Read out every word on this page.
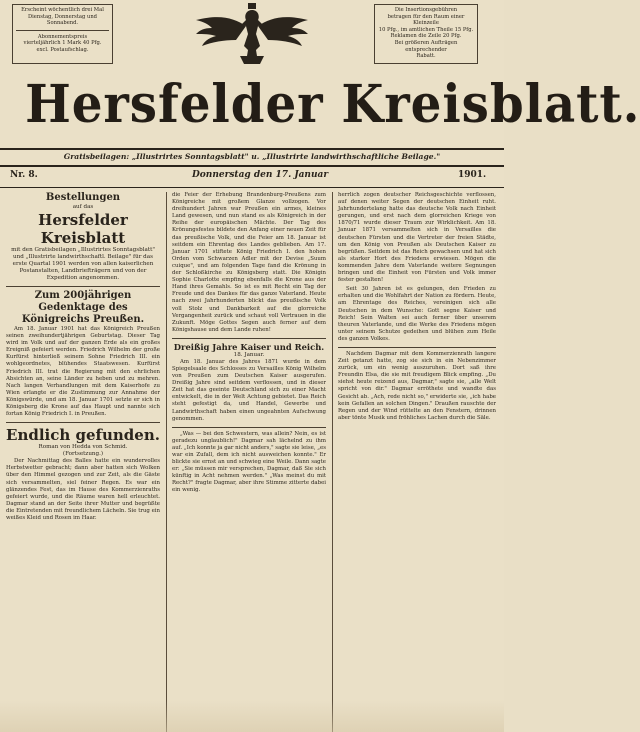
Erscheint wöchentlich drei Mal
Dienstag, Donnerstag und Sonnabend.
Abonnementspreis
vierteljährlich 1 Mark 40 Pfg.
excl. Postaufschlag.
Die Insertionsgebühren
betragen für den Raum einer Kleinzeile
10 Pfg., im amtlichen Theile 15 Pfg.
Reklamen die Zeile 20 Pfg.
Bei größeren Aufträgen entsprechender
Rabatt.
Hersfelder Kreisblatt.
Gratisbeilagen: „Illustrirtes Sonntagsblatt" u. „Illustrirte landwirthschaftliche Beilage."
Nr. 8.	Donnerstag den 17. Januar	1901.
Bestellungen
auf das
Hersfelder Kreisblatt

mit den Gratisbeilagen „Illustrirtes Sonntagsblatt" und „Illustrirte landwirthschaftl. Beilage" für das erste Quartal 1901 werden von allen kaiserlichen Postanstalten, Landbriefträgern und von der Expedition angenommen.

Zum 200jährigen Gedenktage des Königreichs Preußen.

Am 18. Januar 1901 hat das Königreich Preußen seinen zweihundertjährigen Geburtstag. Dieser Tag wird im Volk und auf der ganzen Erde als ein großes Ereigniß gefeiert werden. Friedrich Wilhelm der große Kurfürst hinterließ seinem Sohne Friedrich III. ein wohlgeordnetes, blühendes Staatswesen. Kurfürst Friedrich III. trat die Regierung mit den ehrlichen Absichten an, seine Länder zu heben und zu mehren. Nach langen Verhandlungen mit dem Kaiserhofe zu Wien erlangte er die Zustimmung zur Annahme der Königswürde, und am 18. Januar 1701 setzte er sich in Königsberg die Krone auf das Haupt und nannte sich fortan König Friedrich I. in Preußen.

Endlich gefunden.
Roman von Hedda von Schmid.
(Fortsetzung.)

Der Nachmittag des Balles hatte ein wundervolles Herbstwetter gebracht; dann aber hatten sich Wolken über den Himmel gezogen und zur Zeit, als die Gäste sich versammelten, siel feiner Regen. Es war ein glänzendes Fest, das im Hause des Kommerzienraths gefeiert wurde, und die Räume waren hell erleuchtet. Dagmar stand an der Seite ihrer Mutter und begrüßte die Eintretenden mit freundlichem Lächeln. Sie trug ein weißes Kleid und Rosen im Haar.

die Feier der Erhebung Brandenburg-Preußens zum Königreiche mit großem Glanze vollzogen. Vor dreihundert Jahren war Preußen ein armes, kleines Land gewesen, und nun stand es als Königreich in der Reihe der europäischen Mächte. Der Tag des Krönungsfestes bildete den Anfang einer neuen Zeit für das preußische Volk, und die Feier am 18. Januar ist seitdem ein Ehrentag des Landes geblieben. Am 17. Januar 1701 stiftete König Friedrich I. den hohen Orden vom Schwarzen Adler mit der Devise „Suum cuique", und am folgenden Tage fand die Krönung in der Schloßkirche zu Königsberg statt. Die Königin Sophie Charlotte empfing ebenfalls die Krone aus der Hand ihres Gemahls. So ist es mit Recht ein Tag der Freude und des Dankes für das ganze Vaterland. Heute nach zwei Jahrhunderten blickt das preußische Volk voll Stolz und Dankbarkeit auf die glorreiche Vergangenheit zurück und schaut voll Vertrauen in die Zukunft. Möge Gottes Segen auch ferner auf dem Königshause und dem Lande ruhen!

Dreißig Jahre Kaiser und Reich.
18. Januar.

Am 18. Januar des Jahres 1871 wurde in dem Spiegelsaale des Schlosses zu Versailles König Wilhelm von Preußen zum Deutschen Kaiser ausgerufen. Dreißig Jahre sind seitdem verflossen, und in dieser Zeit hat das geeinte Deutschland sich zu einer Macht entwickelt, die in der Welt Achtung gebietet. Das Reich steht gefestigt da, und Handel, Gewerbe und Landwirthschaft haben einen ungeahnten Aufschwung genommen.

„Was — bei den Schwestern, was allein? Nein, es ist geradezu unglaublich!" Dagmar sah lächelnd zu ihm auf. „Ich konnte ja gar nicht anders," sagte sie leise, „es war ein Zufall, dem ich nicht ausweichen konnte." Er blickte sie ernst an und schwieg eine Weile. Dann sagte er: „Sie müssen mir versprechen, Dagmar, daß Sie sich künftig in Acht nehmen werden." „Was meinst du mit Recht?" fragte Dagmar, aber ihre Stimme zitterte dabei ein wenig.

herrlich zogen deutscher Reichsgeschichte verflossen, auf denen weiter Segen der deutschen Einheit ruht. Jahrhundertelang hatte das deutsche Volk nach Einheit gerungen, und erst nach dem glorreichen Kriege von 1870/71 wurde dieser Traum zur Wirklichkeit. Am 18. Januar 1871 versammelten sich in Versailles die deutschen Fürsten und die Vertreter der freien Städte, um den König von Preußen als Deutschen Kaiser zu begrüßen. Seitdem ist das Reich gewachsen und hat sich als starker Hort des Friedens erwiesen. Mögen die kommenden Jahre dem Vaterlande weitere Segnungen bringen und die Einheit von Fürsten und Volk immer fester gestalten!

Seit 30 Jahren ist es gelungen, den Frieden zu erhalten und die Wohlfahrt der Nation zu fördern. Heute, am Ehrentage des Reiches, vereinigen sich alle Deutschen in dem Wunsche: Gott segne Kaiser und Reich! Sein Walten sei auch ferner über unserem theuren Vaterlande, und die Werke des Friedens mögen unter seinem Schutze gedeihen und blühen zum Heile des ganzen Volkes.

Nachdem Dagmar mit dem Kommerzienrath langere Zeit getanzt hatte, zog sie sich in ein Nebenzimmer zurück, um ein wenig auszuruhen. Dort saß ihre Freundin Elsa, die sie mit freudigem Blick empfing. „Du siehst heute reizend aus, Dagmar," sagte sie, „alle Welt spricht von dir." Dagmar erröthete und wandte das Gesicht ab. „Ach, rede nicht so," erwiderte sie, „ich habe kein Gefallen an solchen Dingen." Draußen rauschte der Regen und der Wind rüttelte an den Fenstern, drinnen aber tönte Musik und fröhliches Lachen durch die Säle.
